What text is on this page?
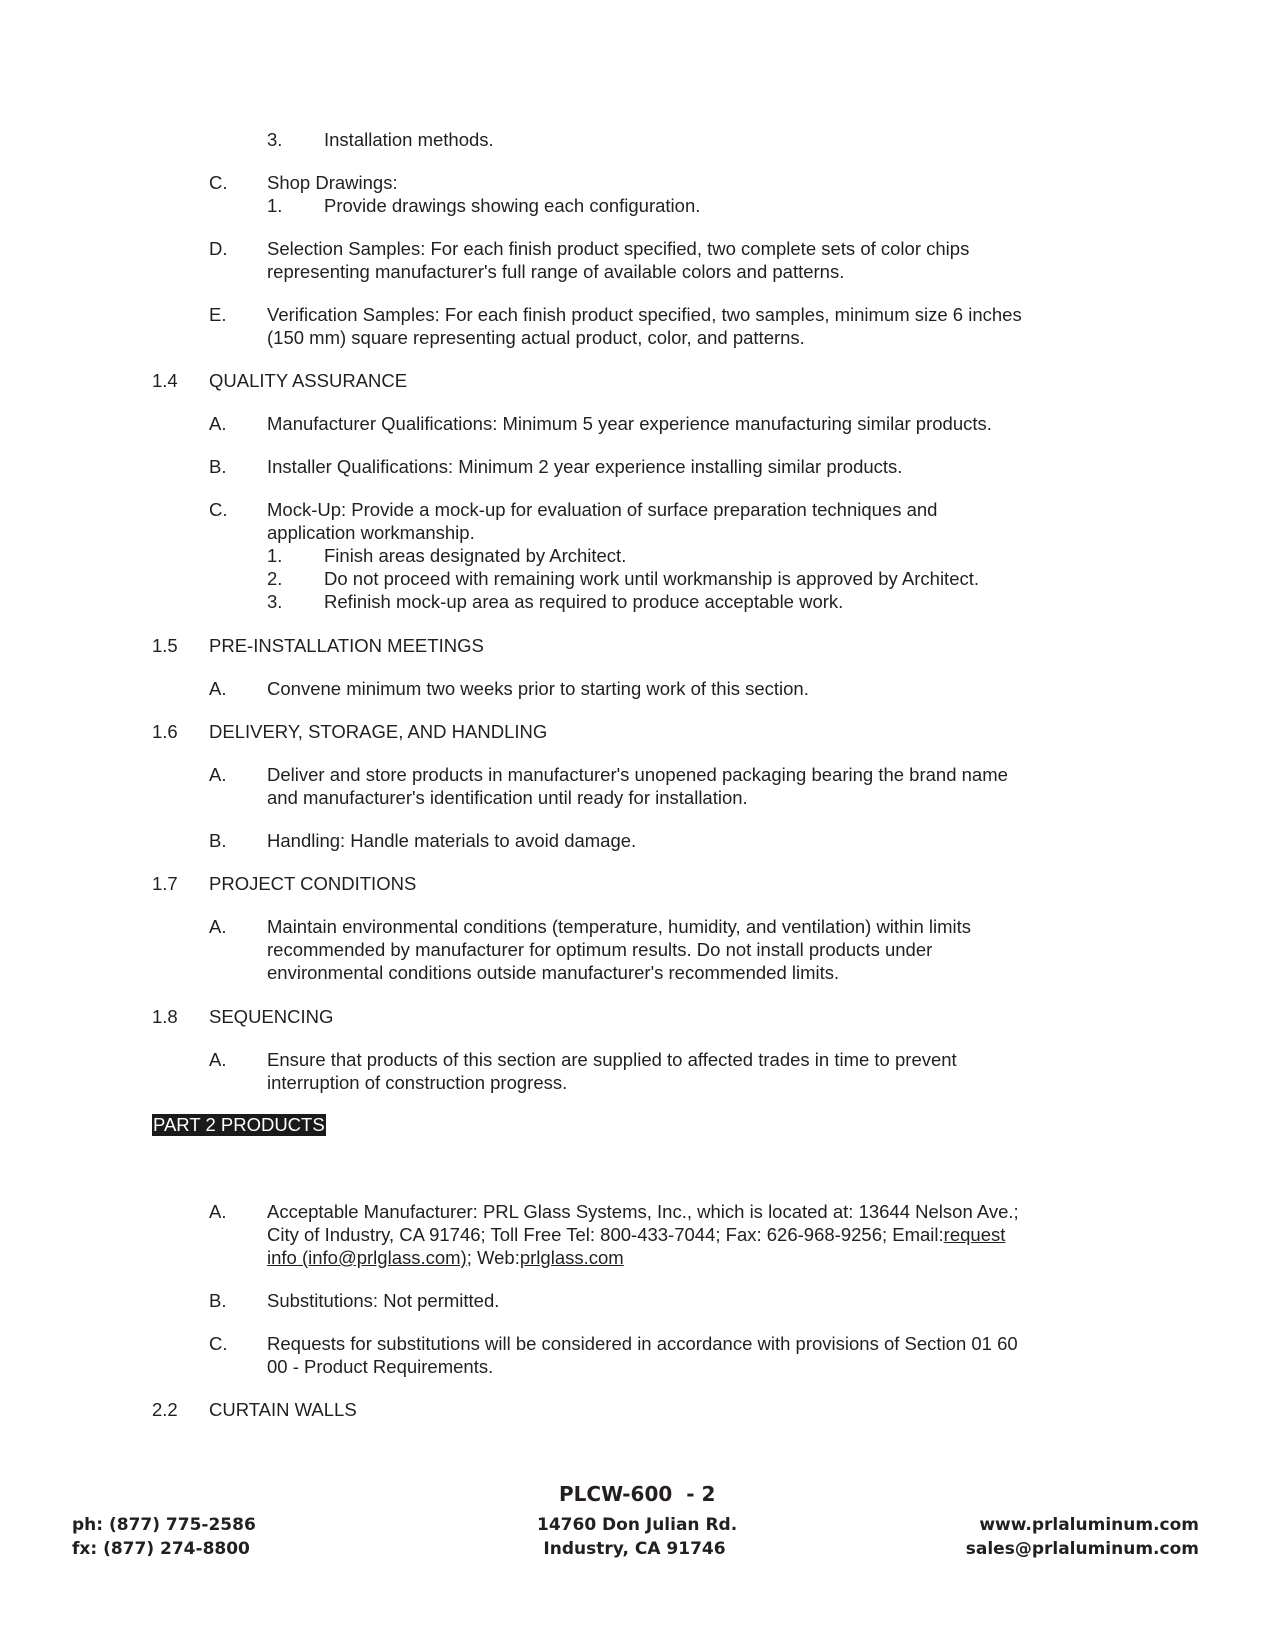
3. Installation methods.
C. Shop Drawings:
1. Provide drawings showing each configuration.
D. Selection Samples: For each finish product specified, two complete sets of color chips
representing manufacturer's full range of available colors and patterns.
E. Verification Samples: For each finish product specified, two samples, minimum size 6 inches
(150 mm) square representing actual product, color, and patterns.
1.4 QUALITY ASSURANCE
A. Manufacturer Qualifications: Minimum 5 year experience manufacturing similar products.
B. Installer Qualifications: Minimum 2 year experience installing similar products.
C. Mock-Up: Provide a mock-up for evaluation of surface preparation techniques and
application workmanship.
1. Finish areas designated by Architect.
2. Do not proceed with remaining work until workmanship is approved by Architect.
3. Refinish mock-up area as required to produce acceptable work.
1.5 PRE-INSTALLATION MEETINGS
A. Convene minimum two weeks prior to starting work of this section.
1.6 DELIVERY, STORAGE, AND HANDLING
A. Deliver and store products in manufacturer's unopened packaging bearing the brand name
and manufacturer's identification until ready for installation.
B. Handling: Handle materials to avoid damage.
1.7 PROJECT CONDITIONS
A. Maintain environmental conditions (temperature, humidity, and ventilation) within limits
recommended by manufacturer for optimum results. Do not install products under
environmental conditions outside manufacturer's recommended limits.
1.8 SEQUENCING
A. Ensure that products of this section are supplied to affected trades in time to prevent
interruption of construction progress.
PART 2 PRODUCTS
A. Acceptable Manufacturer: PRL Glass Systems, Inc., which is located at: 13644 Nelson Ave.;
City of Industry, CA 91746; Toll Free Tel: 800-433-7044; Fax: 626-968-9256; Email:request
info (info@prlglass.com); Web:prlglass.com
B. Substitutions: Not permitted.
C. Requests for substitutions will be considered in accordance with provisions of Section 01 60
00 - Product Requirements.
2.2 CURTAIN WALLS
PLCW-600  - 2
ph: (877) 775-2586
fx: (877) 274-8800
14760 Don Julian Rd.
Industry, CA 91746
www.prlaluminum.com
sales@prlaluminum.com
